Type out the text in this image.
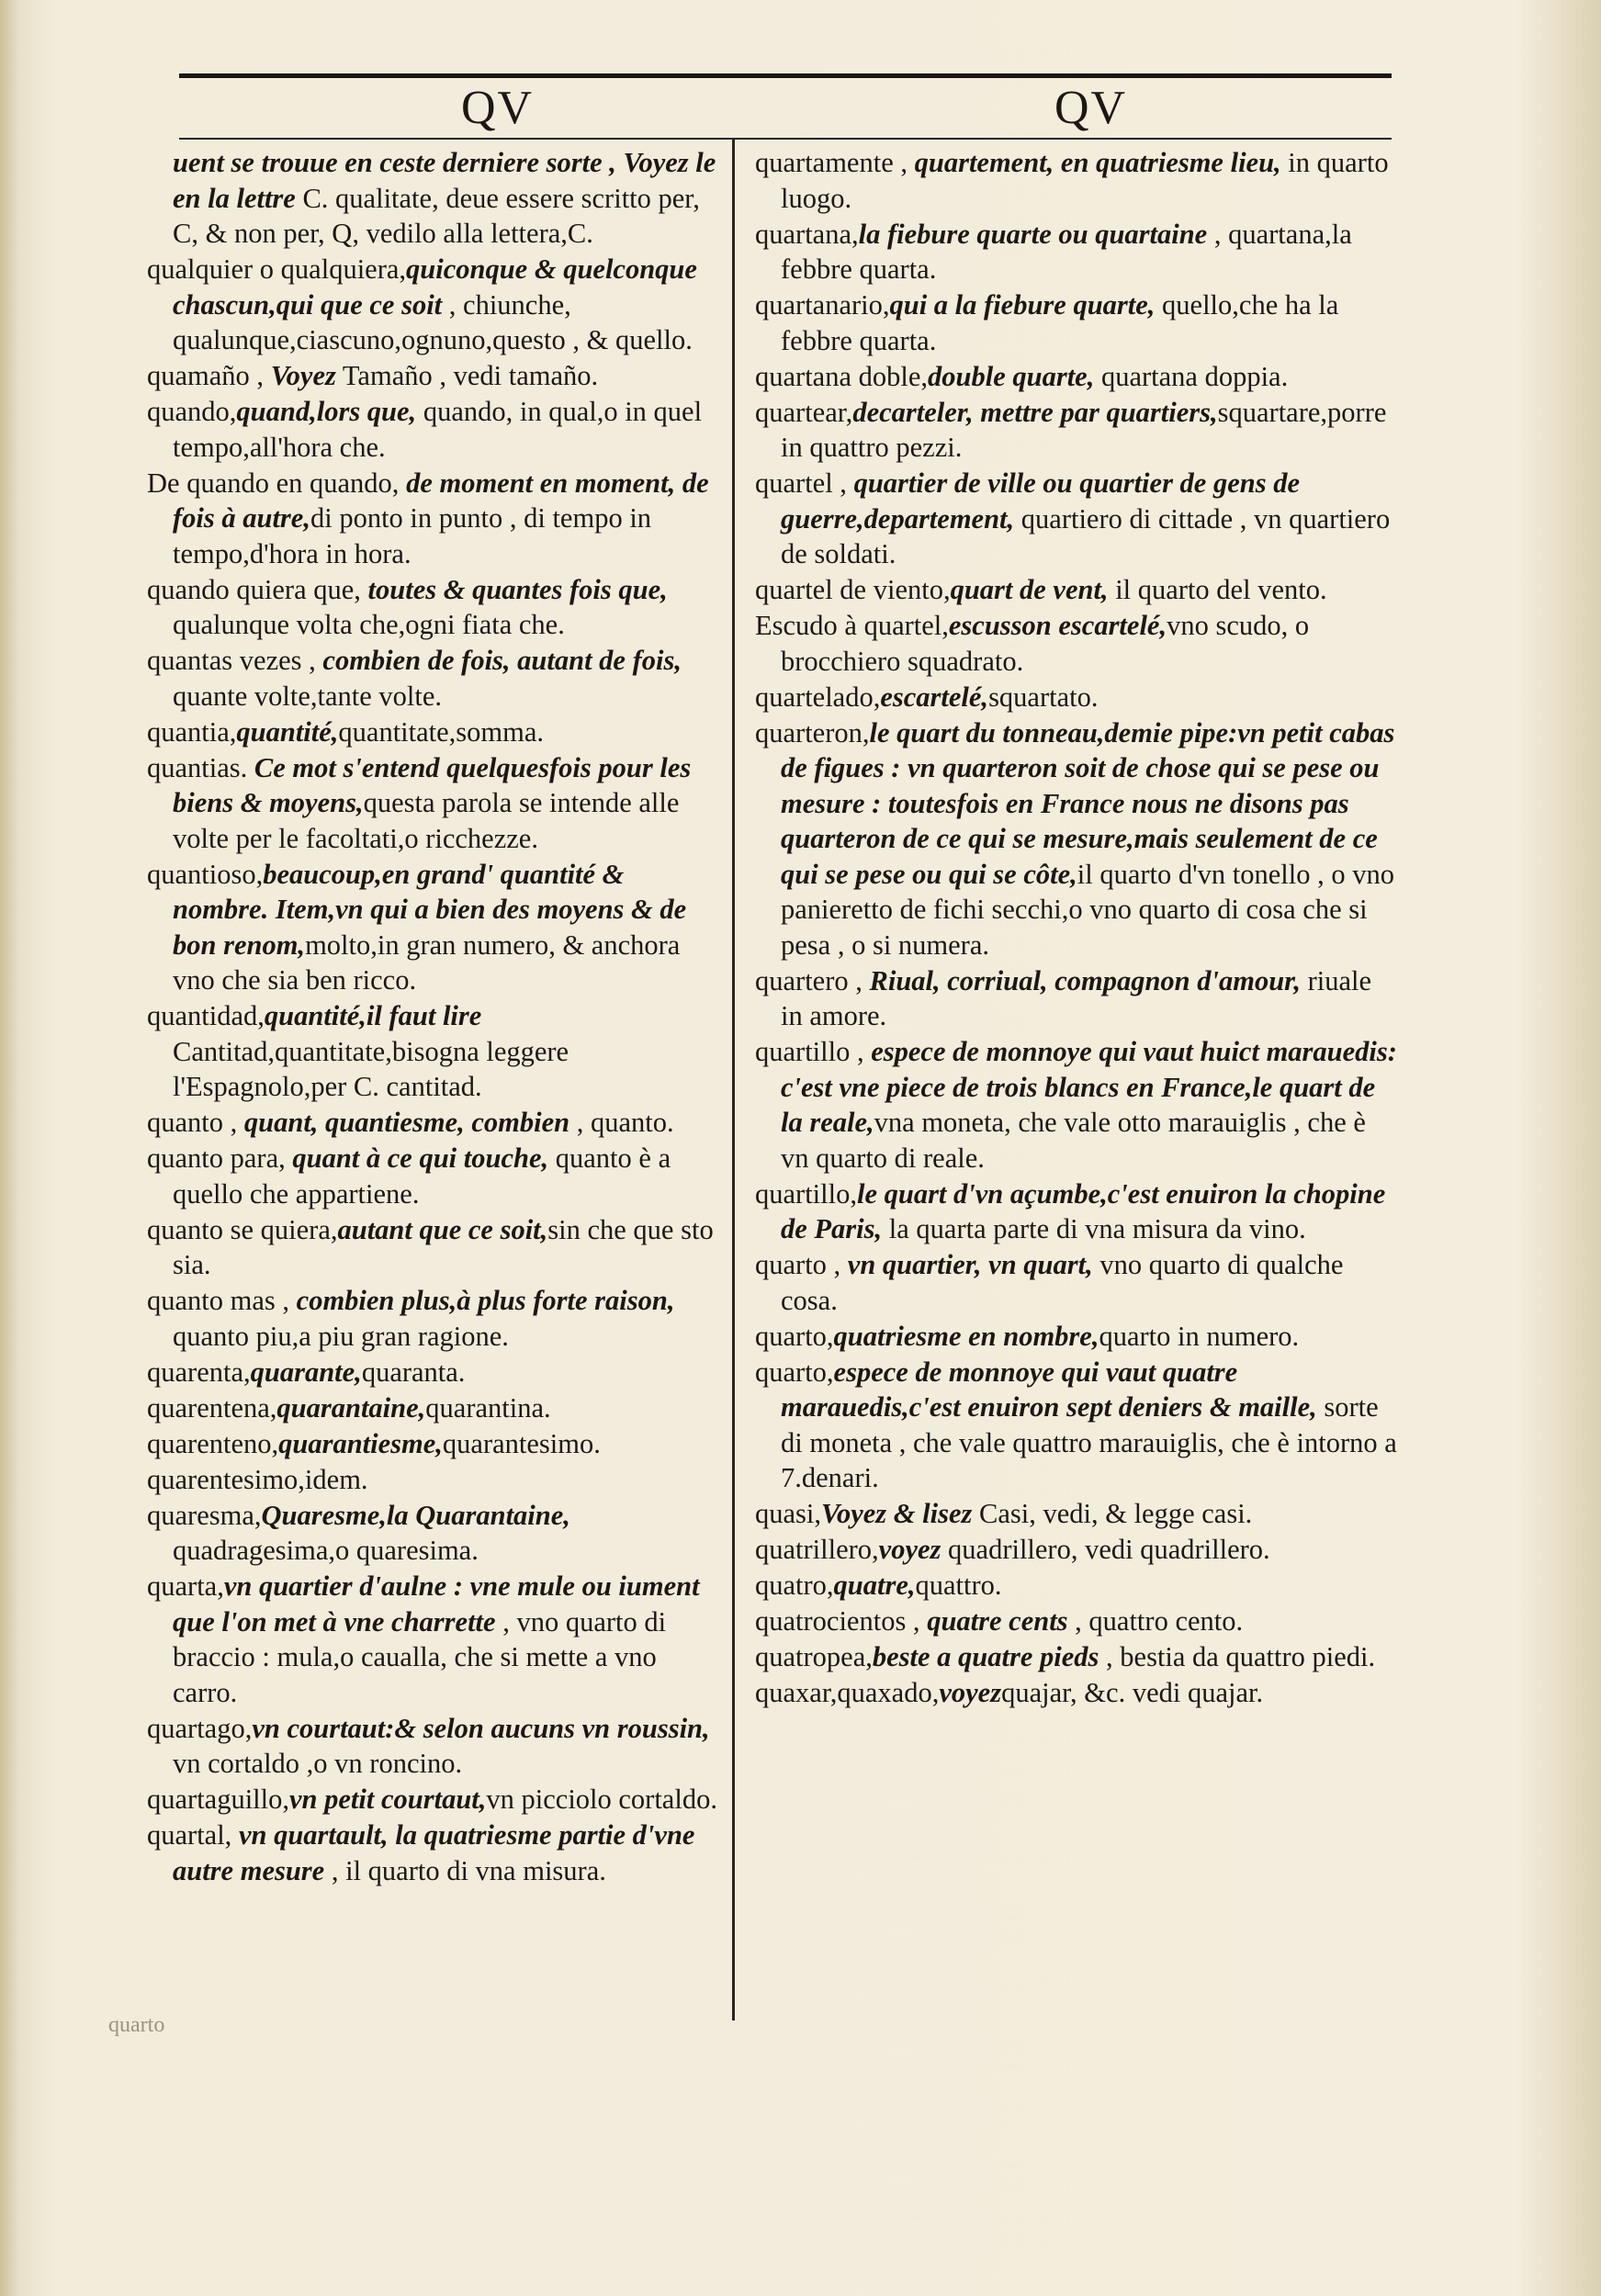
QV	QV
uent se trouue en ceste derniere sorte , Voyez le en la lettre C. qualitate, deue essere scritto per, C, & non per, Q, vedilo alla lettera,C.
qualquier o qualquiera,quiconque & quelconque chascun,qui que ce soit , chiunche, qualunque,ciascuno,ognuno,questo , & quello.
quamaño , Voyez Tamaño , vedi tamaño.
quando,quand,lors que, quando, in qual,o in quel tempo,all'hora che.
De quando en quando, de moment en moment, de fois à autre,di ponto in punto , di tempo in tempo,d'hora in hora.
quando quiera que, toutes & quantes fois que, qualunque volta che,ogni fiata che.
quantas vezes , combien de fois, autant de fois, quante volte,tante volte.
quantia,quantité,quantitate,somma.
quantias. Ce mot s'entend quelquesfois pour les biens & moyens,questa parola se intende alle volte per le facoltati,o ricchezze.
quantioso,beaucoup,en grand' quantité & nombre. Item,vn qui a bien des moyens & de bon renom,molto,in gran numero, & anchora vno che sia ben ricco.
quantidad,quantité,il faut lire Cantitad,quantitate,bisogna leggere l'Espagnolo,per C. cantitad.
quanto , quant, quantiesme, combien , quanto.
quanto para, quant à ce qui touche, quanto è a quello che appartiene.
quanto se quiera,autant que ce soit,sin che que sto sia.
quanto mas , combien plus,à plus forte raison, quanto piu,a piu gran ragione.
quarenta,quarante,quaranta.
quarentena,quarantaine,quarantina.
quarenteno,quarantiesme,quarantesimo.
quarentesimo,idem.
quaresma,Quaresme,la Quarantaine, quadragesima,o quaresima.
quarta,vn quartier d'aulne : vne mule ou iument que l'on met à vne charrette , vno quarto di braccio : mula,o caualla, che si mette a vno carro.
quartago,vn courtaut:& selon aucuns vn roussin, vn cortaldo ,o vn roncino.
quartaguillo,vn petit courtaut,vn picciolo cortaldo.
quartal, vn quartault, la quatriesme partie d'vne autre mesure , il quarto di vna misura.
quartamente , quartement, en quatriesme lieu, in quarto luogo.
quartana,la fiebure quarte ou quartaine , quartana,la febbre quarta.
quartanario,qui a la fiebure quarte, quello,che ha la febbre quarta.
quartana doble,double quarte, quartana doppia.
quartear,decarteler, mettre par quartiers,squartare,porre in quattro pezzi.
quartel , quartier de ville ou quartier de gens de guerre,departement, quartiero di cittade , vn quartiero de soldati.
quartel de viento,quart de vent, il quarto del vento.
Escudo à quartel,escusson escartelé,vno scudo, o brocchiero squadrato.
quartelado,escartelé,squartato.
quarteron,le quart du tonneau,demie pipe:vn petit cabas de figues : vn quarteron soit de chose qui se pese ou mesure : toutesfois en France nous ne disons pas quarteron de ce qui se mesure,mais seulement de ce qui se pese ou qui se côte,il quarto d'vn tonello , o vno panieretto de fichi secchi,o vno quarto di cosa che si pesa , o si numera.
quartero , Riual, corriual, compagnon d'amour, riuale in amore.
quartillo , espece de monnoye qui vaut huict marauedis: c'est vne piece de trois blancs en France,le quart de la reale,vna moneta, che vale otto marauiglis , che è vn quarto di reale.
quartillo,le quart d'vn açumbe,c'est enuiron la chopine de Paris, la quarta parte di vna misura da vino.
quarto , vn quartier, vn quart, vno quarto di qualche cosa.
quarto,quatriesme en nombre,quarto in numero.
quarto,espece de monnoye qui vaut quatre marauedis,c'est enuiron sept deniers & maille, sorte di moneta , che vale quattro marauiglis, che è intorno a 7.denari.
quasi,Voyez & lisez Casi, vedi, & legge casi.
quatrillero,voyez quadrillero, vedi quadrillero.
quatro,quatre,quattro.
quatrocientos , quatre cents , quattro cento.
quatropea,beste a quatre pieds , bestia da quattro piedi.
quaxar,quaxado,voyezquajar, &c. vedi quajar.
quarto
